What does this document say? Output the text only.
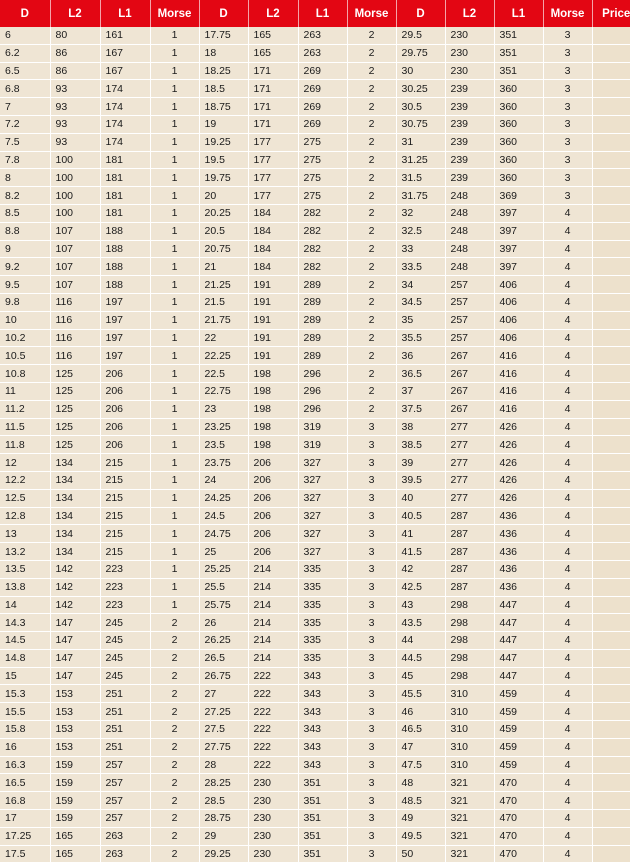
D	L2	L1	Morse	D	L2	L1	Morse	D	L2	L1	Morse	Price
6	80	161	1	17.75	165	263	2	29.5	230	351	3	
6.2	86	167	1	18	165	263	2	29.75	230	351	3	
6.5	86	167	1	18.25	171	269	2	30	230	351	3	
6.8	93	174	1	18.5	171	269	2	30.25	239	360	3	
7	93	174	1	18.75	171	269	2	30.5	239	360	3	
7.2	93	174	1	19	171	269	2	30.75	239	360	3	
7.5	93	174	1	19.25	177	275	2	31	239	360	3	
7.8	100	181	1	19.5	177	275	2	31.25	239	360	3	
8	100	181	1	19.75	177	275	2	31.5	239	360	3	
8.2	100	181	1	20	177	275	2	31.75	248	369	3	
8.5	100	181	1	20.25	184	282	2	32	248	397	4	
8.8	107	188	1	20.5	184	282	2	32.5	248	397	4	
9	107	188	1	20.75	184	282	2	33	248	397	4	
9.2	107	188	1	21	184	282	2	33.5	248	397	4	
9.5	107	188	1	21.25	191	289	2	34	257	406	4	
9.8	116	197	1	21.5	191	289	2	34.5	257	406	4	
10	116	197	1	21.75	191	289	2	35	257	406	4	
10.2	116	197	1	22	191	289	2	35.5	257	406	4	
10.5	116	197	1	22.25	191	289	2	36	267	416	4	
10.8	125	206	1	22.5	198	296	2	36.5	267	416	4	
11	125	206	1	22.75	198	296	2	37	267	416	4	
11.2	125	206	1	23	198	296	2	37.5	267	416	4	
11.5	125	206	1	23.25	198	319	3	38	277	426	4	
11.8	125	206	1	23.5	198	319	3	38.5	277	426	4	
12	134	215	1	23.75	206	327	3	39	277	426	4	
12.2	134	215	1	24	206	327	3	39.5	277	426	4	
12.5	134	215	1	24.25	206	327	3	40	277	426	4	
12.8	134	215	1	24.5	206	327	3	40.5	287	436	4	
13	134	215	1	24.75	206	327	3	41	287	436	4	
13.2	134	215	1	25	206	327	3	41.5	287	436	4	
13.5	142	223	1	25.25	214	335	3	42	287	436	4	
13.8	142	223	1	25.5	214	335	3	42.5	287	436	4	
14	142	223	1	25.75	214	335	3	43	298	447	4	
14.3	147	245	2	26	214	335	3	43.5	298	447	4	
14.5	147	245	2	26.25	214	335	3	44	298	447	4	
14.8	147	245	2	26.5	214	335	3	44.5	298	447	4	
15	147	245	2	26.75	222	343	3	45	298	447	4	
15.3	153	251	2	27	222	343	3	45.5	310	459	4	
15.5	153	251	2	27.25	222	343	3	46	310	459	4	
15.8	153	251	2	27.5	222	343	3	46.5	310	459	4	
16	153	251	2	27.75	222	343	3	47	310	459	4	
16.3	159	257	2	28	222	343	3	47.5	310	459	4	
16.5	159	257	2	28.25	230	351	3	48	321	470	4	
16.8	159	257	2	28.5	230	351	3	48.5	321	470	4	
17	159	257	2	28.75	230	351	3	49	321	470	4	
17.25	165	263	2	29	230	351	3	49.5	321	470	4	
17.5	165	263	2	29.25	230	351	3	50	321	470	4	
